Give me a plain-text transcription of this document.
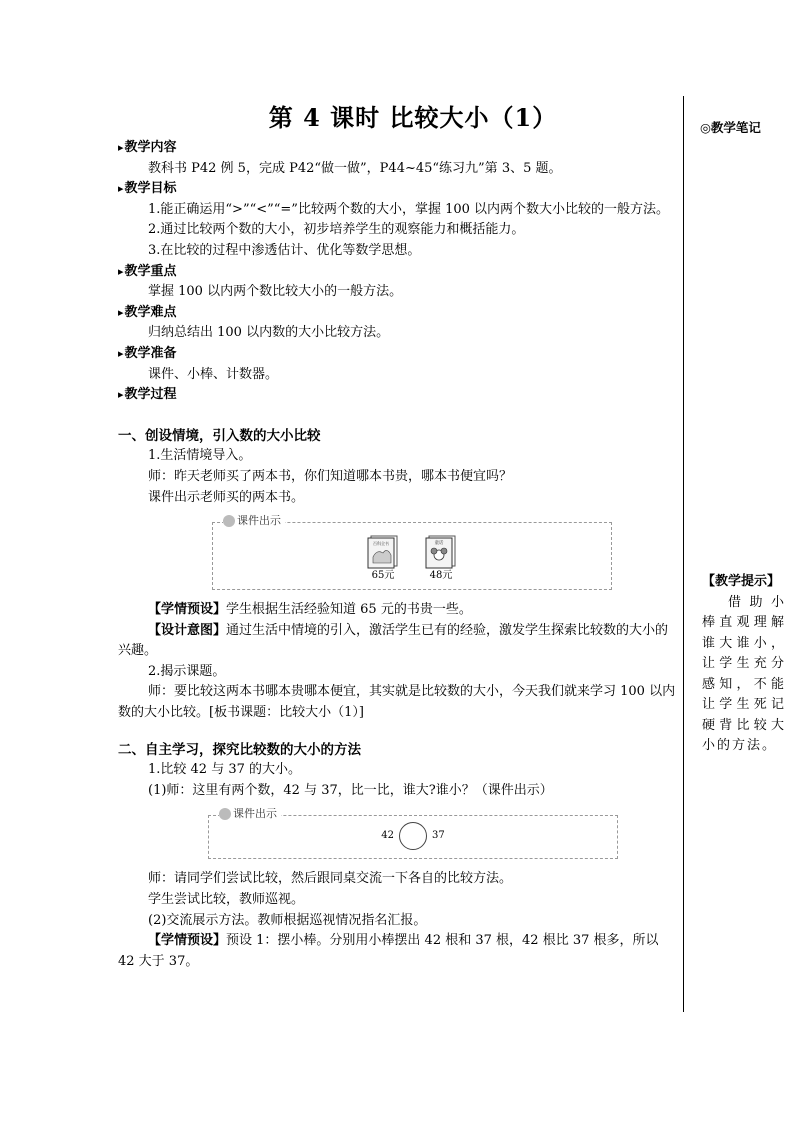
◎教学笔记
【教学提示】
借助小棒直观理解谁大谁小，让学生充分感知，不能让学生死记硬背比较大小的方法。
第 4 课时 比较大小（1）
▸ 教学内容
教科书 P42 例 5，完成 P42“做一做”，P44~45“练习九”第 3、5 题。
▸ 教学目标
1.能正确运用“>”“<”“=”比较两个数的大小，掌握 100 以内两个数大小比较的一般方法。
2.通过比较两个数的大小，初步培养学生的观察能力和概括能力。
3.在比较的过程中渗透估计、优化等数学思想。
▸ 教学重点
掌握 100 以内两个数比较大小的一般方法。
▸ 教学难点
归纳总结出 100 以内数的大小比较方法。
▸ 教学准备
课件、小棒、计数器。
▸ 教学过程
一、创设情境，引入数的大小比较
1.生活情境导入。
师：昨天老师买了两本书，你们知道哪本书贵，哪本书便宜吗？
课件出示老师买的两本书。
课件出示
百科全书
65元
童话
48元
【学情预设】学生根据生活经验知道 65 元的书贵一些。
【设计意图】通过生活中情境的引入，激活学生已有的经验，激发学生探索比较数的大小的兴趣。
2.揭示课题。
师：要比较这两本书哪本贵哪本便宜，其实就是比较数的大小，今天我们就来学习 100 以内数的大小比较。[板书课题：比较大小（1）]
二、自主学习，探究比较数的大小的方法
1.比较 42 与 37 的大小。
(1)师：这里有两个数，42 与 37，比一比，谁大?谁小？（课件出示）
课件出示
42	37
师：请同学们尝试比较，然后跟同桌交流一下各自的比较方法。
学生尝试比较，教师巡视。
(2)交流展示方法。教师根据巡视情况指名汇报。
【学情预设】预设 1：摆小棒。分别用小棒摆出 42 根和 37 根，42 根比 37 根多，所以 42 大于 37。
